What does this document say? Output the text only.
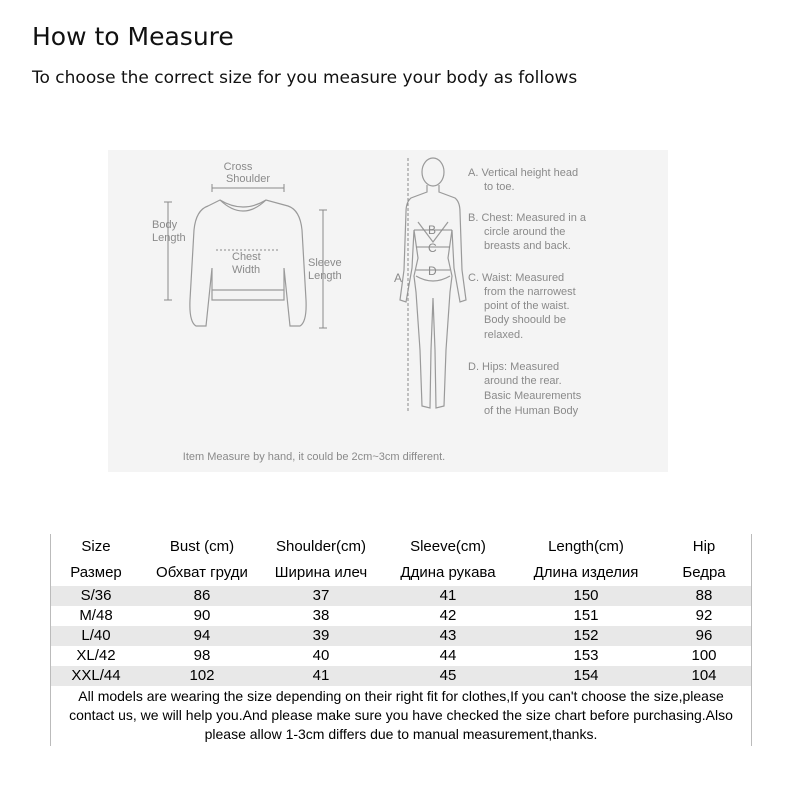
How to Measure
To choose the correct size for you measure your body as follows
Cross
Shoulder
Body
Length
Chest
Width
Sleeve
Length	A
B
C
D
A. Vertical height head
to toe.
B. Chest: Measured in a
circle around the
breasts and back.
C. Waist: Measured
from the narrowest
point of the waist.
Body shoould be
relaxed.
D. Hips: Measured
around the rear.
Basic Meaurements
of the Human Body
Item Measure by hand, it could be 2cm~3cm different.
Size	Bust (cm)	Shoulder(cm)	Sleeve(cm)	Length(cm)	Hip
Размер	Обхват груди	Ширина илеч	Ддина рукава	Длина изделия	Бедра
S/36	86	37	41	150	88
M/48	90	38	42	151	92
L/40	94	39	43	152	96
XL/42	98	40	44	153	100
XXL/44	102	41	45	154	104
All models are wearing the size depending on their right fit for clothes,If you can't choose the size,please
contact us, we will help you.And please make sure you have checked the size chart before purchasing.Also
please allow 1-3cm differs due to manual measurement,thanks.
